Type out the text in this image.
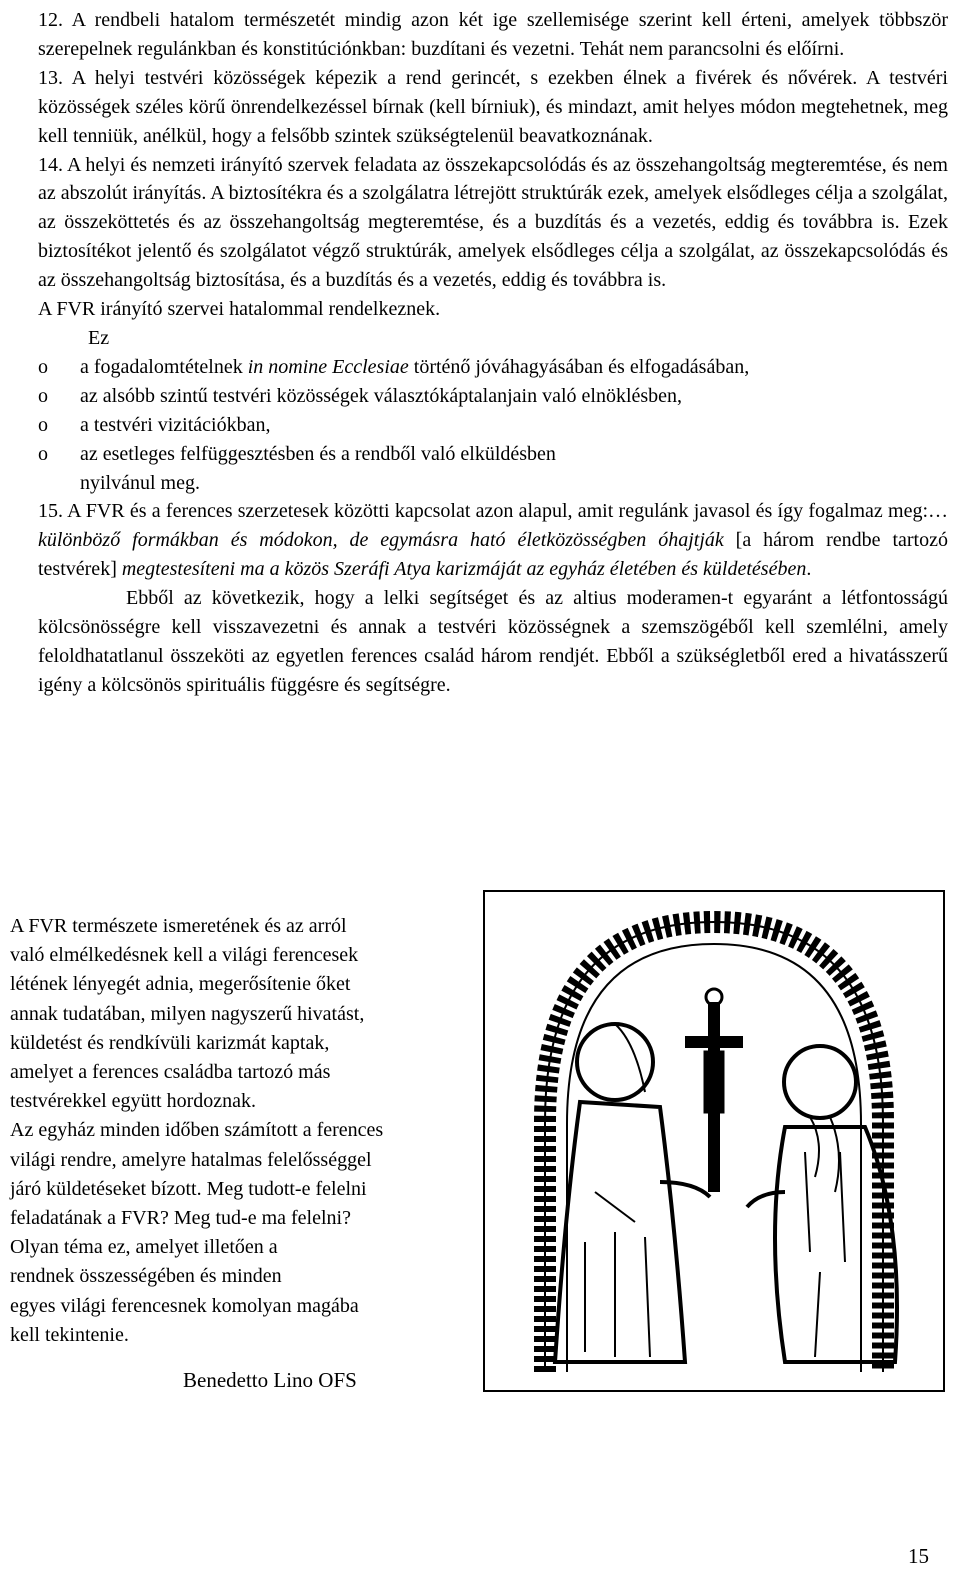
12. A rendbeli hatalom természetét mindig azon két ige szellemisége szerint kell érteni, amelyek többször szerepelnek regulánkban és konstitúciónkban: buzdítani és vezetni. Tehát nem parancsolni és előírni.

13. A helyi testvéri közösségek képezik a rend gerincét, s ezekben élnek a fivérek és nővérek. A testvéri közösségek széles körű önrendelkezéssel bírnak (kell bírniuk), és mindazt, amit helyes módon megtehetnek, meg kell tenniük, anélkül, hogy a felsőbb szintek szükségtelenül beavatkoznának.

14. A helyi és nemzeti irányító szervek feladata az összekapcsolódás és az összehangoltság megteremtése, és nem az abszolút irányítás. A biztosítékra és a szolgálatra létrejött struktúrák ezek, amelyek elsődleges célja a szolgálat, az összeköttetés és az összehangoltság megteremtése, és a buzdítás és a vezetés, eddig és továbbra is. Ezek biztosítékot jelentő és szolgálatot végző struktúrák, amelyek elsődleges célja a szolgálat, az összekapcsolódás és az összehangoltság biztosítása, és a buzdítás és a vezetés, eddig és továbbra is.

A FVR irányító szervei hatalommal rendelkeznek.

Ez

o	a fogadalomtételnek in nomine Ecclesiae történő jóváhagyásában és elfogadásában,
o	az alsóbb szintű testvéri közösségek választókáptalanjain való elnöklésben,
o	a testvéri vizitációkban,
o	az esetleges felfüggesztésben és a rendből való elküldésben

nyilvánul meg.

15. A FVR és a ferences szerzetesek közötti kapcsolat azon alapul, amit regulánk javasol és így fogalmaz meg:…különböző formákban és módokon, de egymásra ható életközösségben óhajtják [a három rendbe tartozó testvérek] megtestesíteni ma a közös Szeráfi Atya karizmáját az egyház életében és küldetésében.

Ebből az következik, hogy a lelki segítséget és az altius moderamen-t egyaránt a létfontosságú kölcsönösségre kell visszavezetni és annak a testvéri közösségnek a szemszögéből kell szemlélni, amely feloldhatatlanul összeköti az egyetlen ferences család három rendjét. Ebből a szükségletből ered a hivatásszerű igény a kölcsönös spirituális függésre és segítségre.

A FVR természete ismeretének és az arról

való elmélkedésnek kell a világi ferencesek

létének lényegét adnia, megerősítenie őket

annak tudatában, milyen nagyszerű hivatást,

küldetést és rendkívüli karizmát kaptak,

amelyet a ferences családba tartozó más

testvérekkel együtt hordoznak.

Az egyház minden időben számított a ferences

világi rendre, amelyre hatalmas felelősséggel

járó küldetéseket bízott. Meg tudott-e felelni

feladatának a FVR? Meg tud-e ma felelni?

Olyan téma ez, amelyet illetően a

rendnek összességében és minden

egyes világi ferencesnek komolyan magába

kell tekintenie.

Benedetto Lino OFS
15
